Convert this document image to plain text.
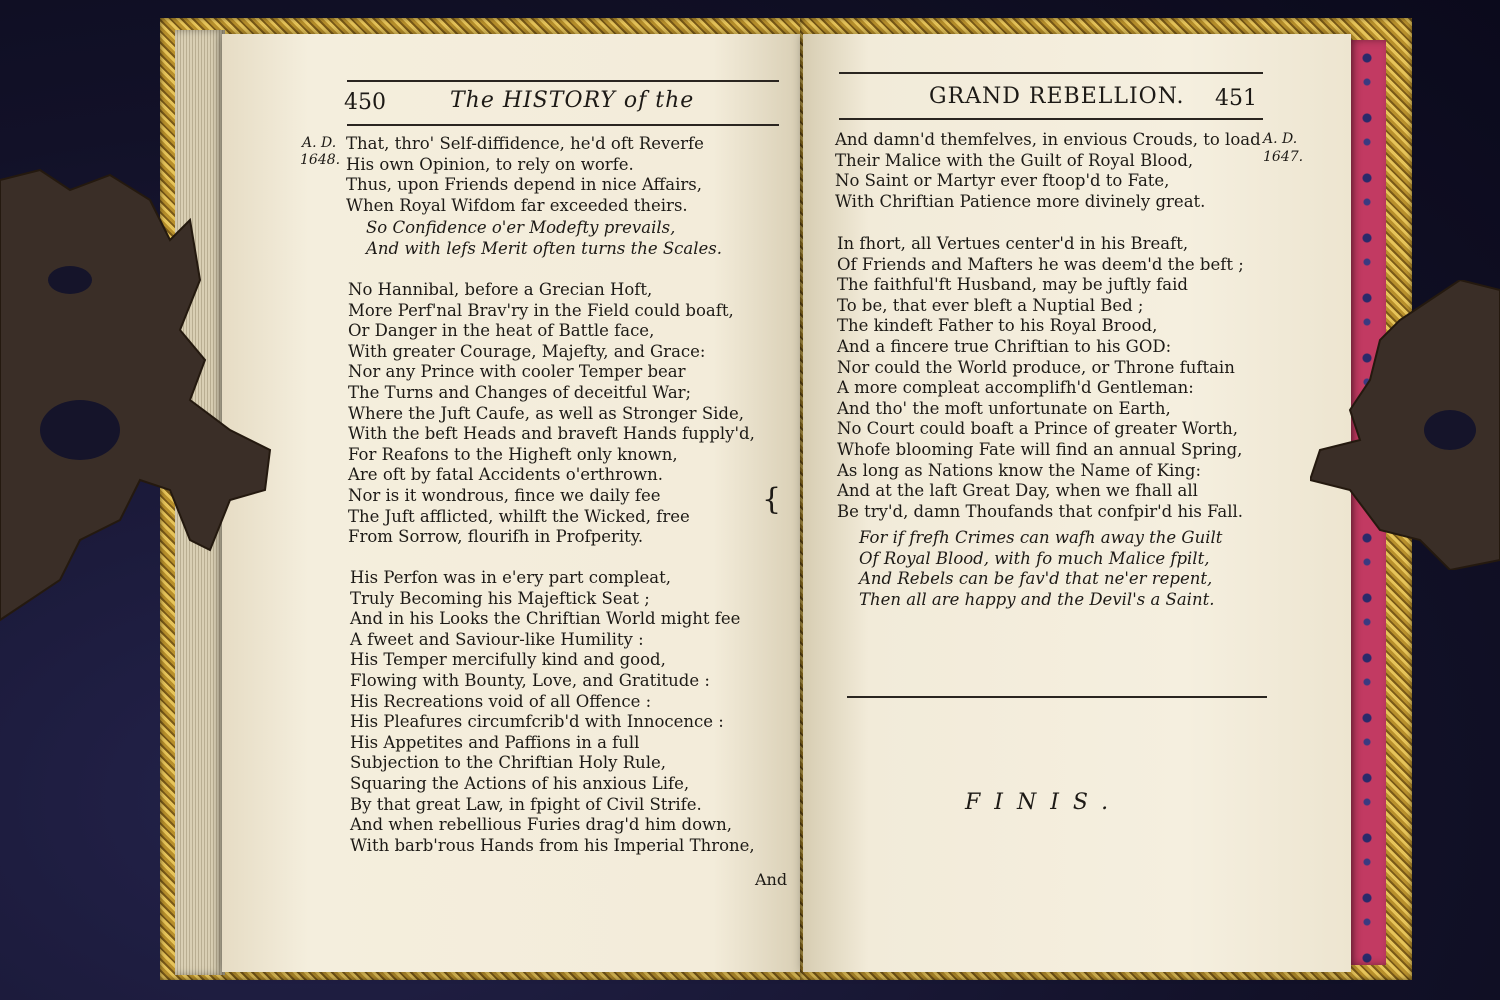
450	The HISTORY of the
A. D.
1648.
That, thro' Self-diffidence, he'd oft Reverfe
His own Opinion, to rely on worfe.
Thus, upon Friends depend in nice Affairs,
When Royal Wifdom far exceeded theirs.
So Confidence o'er Modefty prevails,
And with lefs Merit often turns the Scales.
No Hannibal, before a Grecian Hoft,
More Perf'nal Brav'ry in the Field could boaft,
Or Danger in the heat of Battle face,
With greater Courage, Majefty, and Grace:
Nor any Prince with cooler Temper bear
The Turns and Changes of deceitful War;
Where the Juft Caufe, as well as Stronger Side,
With the beft Heads and braveft Hands fupply'd,
For Reafons to the Higheft only known,
Are oft by fatal Accidents o'erthrown.
Nor is it wondrous, fince we daily fee
The Juft afflicted, whilft the Wicked, free
From Sorrow, flourifh in Profperity.
His Perfon was in e'ery part compleat,
Truly Becoming his Majeftick Seat ;
And in his Looks the Chriftian World might fee
A fweet and Saviour-like Humility :
His Temper mercifully kind and good,
Flowing with Bounty, Love, and Gratitude :
His Recreations void of all Offence :
His Pleafures circumfcrib'd with Innocence :
His Appetites and Paffions in a full
Subjection to the Chriftian Holy Rule,
Squaring the Actions of his anxious Life,
By that great Law, in fpight of Civil Strife.
And when rebellious Furies drag'd him down,
With barb'rous Hands from his Imperial Throne,
{
And
GRAND REBELLION. 451
A. D.
1647.
And damn'd themfelves, in envious Crouds, to load
Their Malice with the Guilt of Royal Blood,
No Saint or Martyr ever ftoop'd to Fate,
With Chriftian Patience more divinely great.
In fhort, all Vertues center'd in his Breaft,
Of Friends and Mafters he was deem'd the beft ;
The faithful'ft Husband, may be juftly faid
To be, that ever bleft a Nuptial Bed ;
The kindeft Father to his Royal Brood,
And a fincere true Chriftian to his GOD:
Nor could the World produce, or Throne fuftain
A more compleat accomplifh'd Gentleman:
And tho' the moft unfortunate on Earth,
No Court could boaft a Prince of greater Worth,
Whofe blooming Fate will find an annual Spring,
As long as Nations know the Name of King:
And at the laft Great Day, when we fhall all
Be try'd, damn Thoufands that confpir'd his Fall.
For if frefh Crimes can wafh away the Guilt
Of Royal Blood, with fo much Malice fpilt,
And Rebels can be fav'd that ne'er repent,
Then all are happy and the Devil's a Saint.
FINIS.
